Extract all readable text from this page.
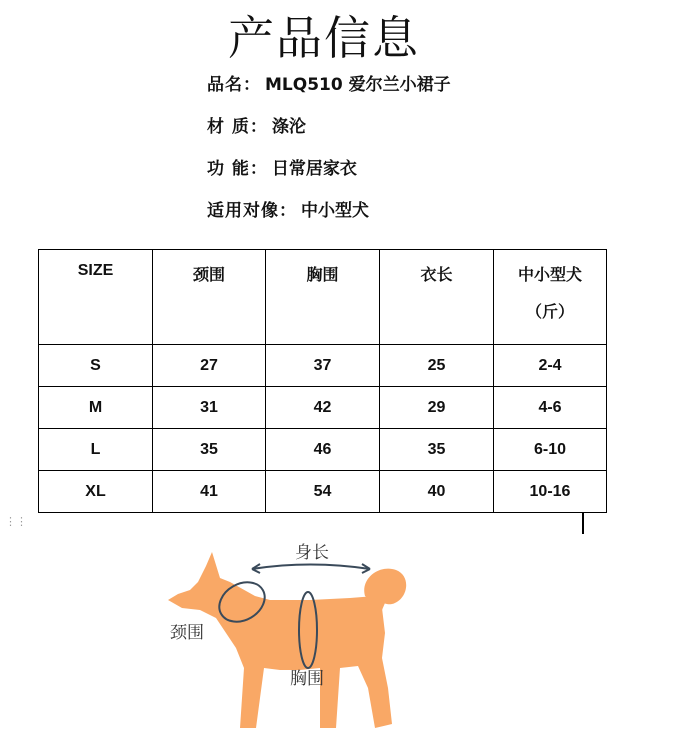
产品信息
品名： MLQ510 爱尔兰小裙子
材 质： 涤沦
功 能： 日常居家衣
适用对像： 中小型犬
SIZE	颈围	胸围	衣长	中小型犬
（斤）

S	27	37	25	2-4
M	31	42	29	4-6
L	35	46	35	6-10
XL	41	54	40	10-16
⋮⋮
身长
颈围
胸围
